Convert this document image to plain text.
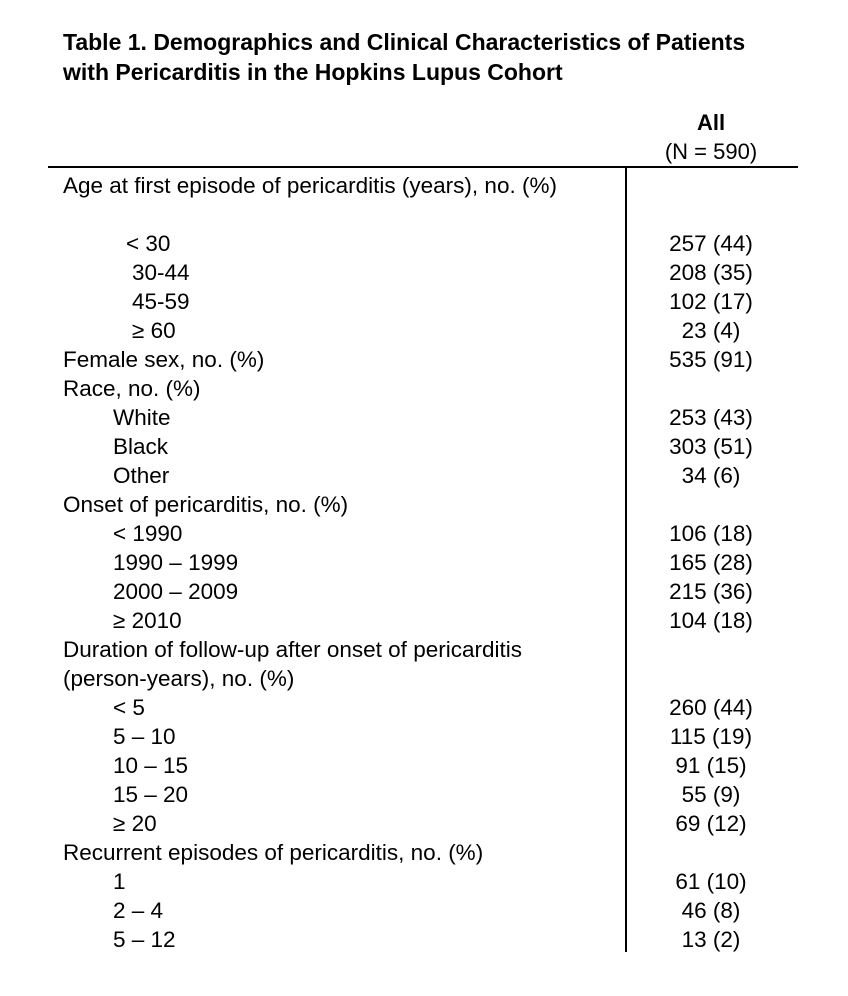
Table 1. Demographics and Clinical Characteristics of Patients with Pericarditis in the Hopkins Lupus Cohort
All
(N = 590)
Age at first episode of pericarditis (years), no. (%)
< 30	257 (44)
30-44	208 (35)
45-59	102 (17)
≥ 60	23 (4)
Female sex, no. (%)	535 (91)
Race, no. (%)
White	253 (43)
Black	303 (51)
Other	34 (6)
Onset of pericarditis, no. (%)
< 1990	106 (18)
1990 – 1999	165 (28)
2000 – 2009	215 (36)
≥ 2010	104 (18)
Duration of follow-up after onset of pericarditis (person-years), no. (%)
< 5	260 (44)
5 – 10	115 (19)
10 – 15	91 (15)
15 – 20	55 (9)
≥ 20	69 (12)
Recurrent episodes of pericarditis, no. (%)
1	61 (10)
2 – 4	46 (8)
5 – 12	13 (2)
